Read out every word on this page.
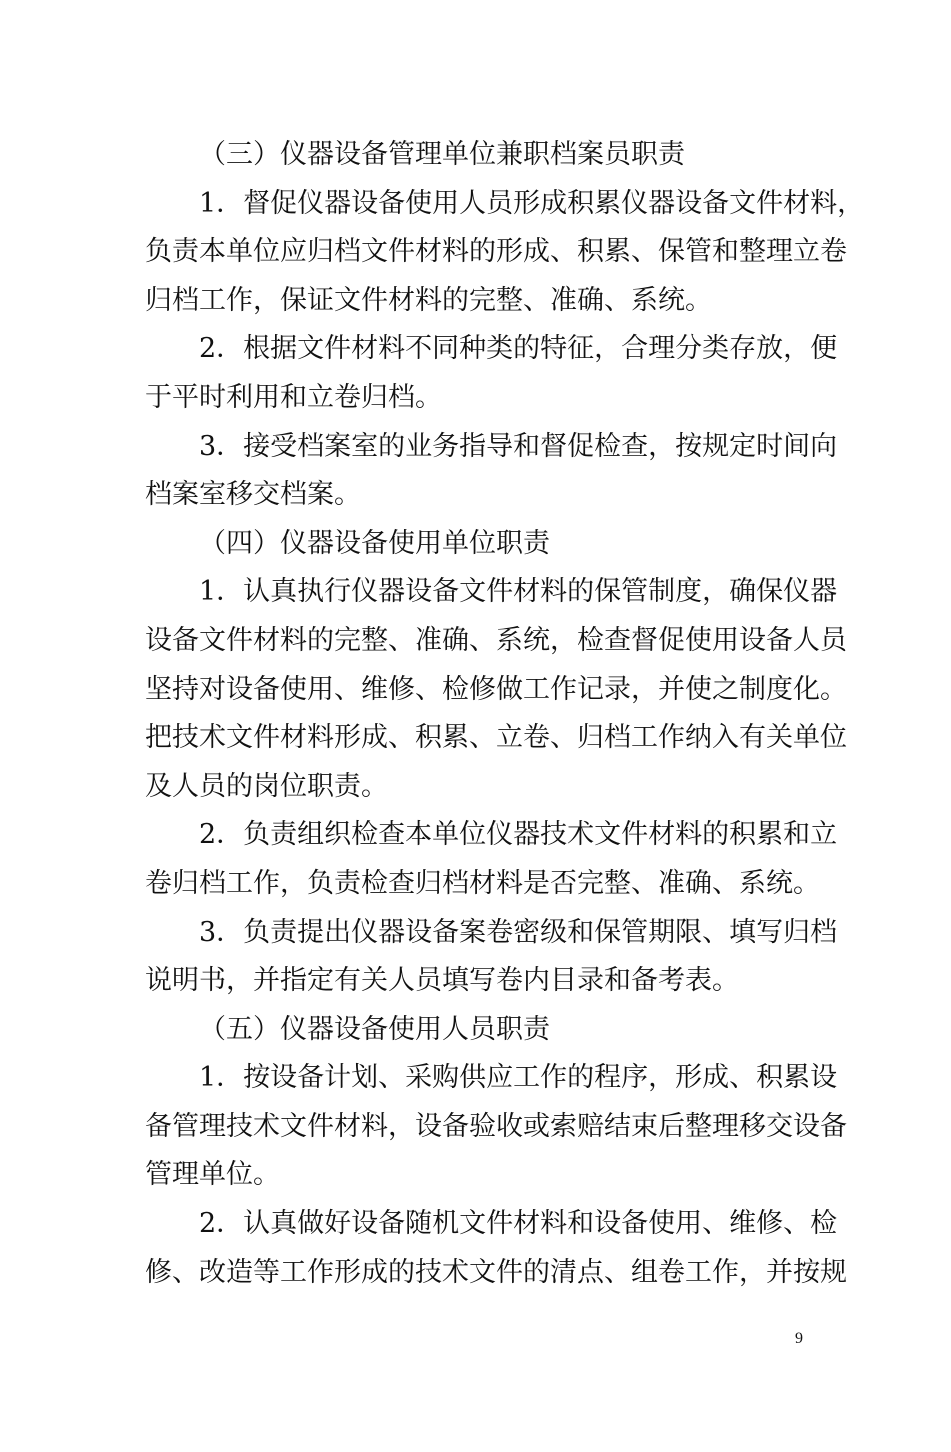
（三）仪器设备管理单位兼职档案员职责
1．督促仪器设备使用人员形成积累仪器设备文件材料，
负责本单位应归档文件材料的形成、积累、保管和整理立卷
归档工作，保证文件材料的完整、准确、系统。
2．根据文件材料不同种类的特征，合理分类存放，便
于平时利用和立卷归档。
3．接受档案室的业务指导和督促检查，按规定时间向
档案室移交档案。
（四）仪器设备使用单位职责
1．认真执行仪器设备文件材料的保管制度，确保仪器
设备文件材料的完整、准确、系统，检查督促使用设备人员
坚持对设备使用、维修、检修做工作记录，并使之制度化。
把技术文件材料形成、积累、立卷、归档工作纳入有关单位
及人员的岗位职责。
2．负责组织检查本单位仪器技术文件材料的积累和立
卷归档工作，负责检查归档材料是否完整、准确、系统。
3．负责提出仪器设备案卷密级和保管期限、填写归档
说明书，并指定有关人员填写卷内目录和备考表。
（五）仪器设备使用人员职责
1．按设备计划、采购供应工作的程序，形成、积累设
备管理技术文件材料，设备验收或索赔结束后整理移交设备
管理单位。
2．认真做好设备随机文件材料和设备使用、维修、检
修、改造等工作形成的技术文件的清点、组卷工作，并按规
9
